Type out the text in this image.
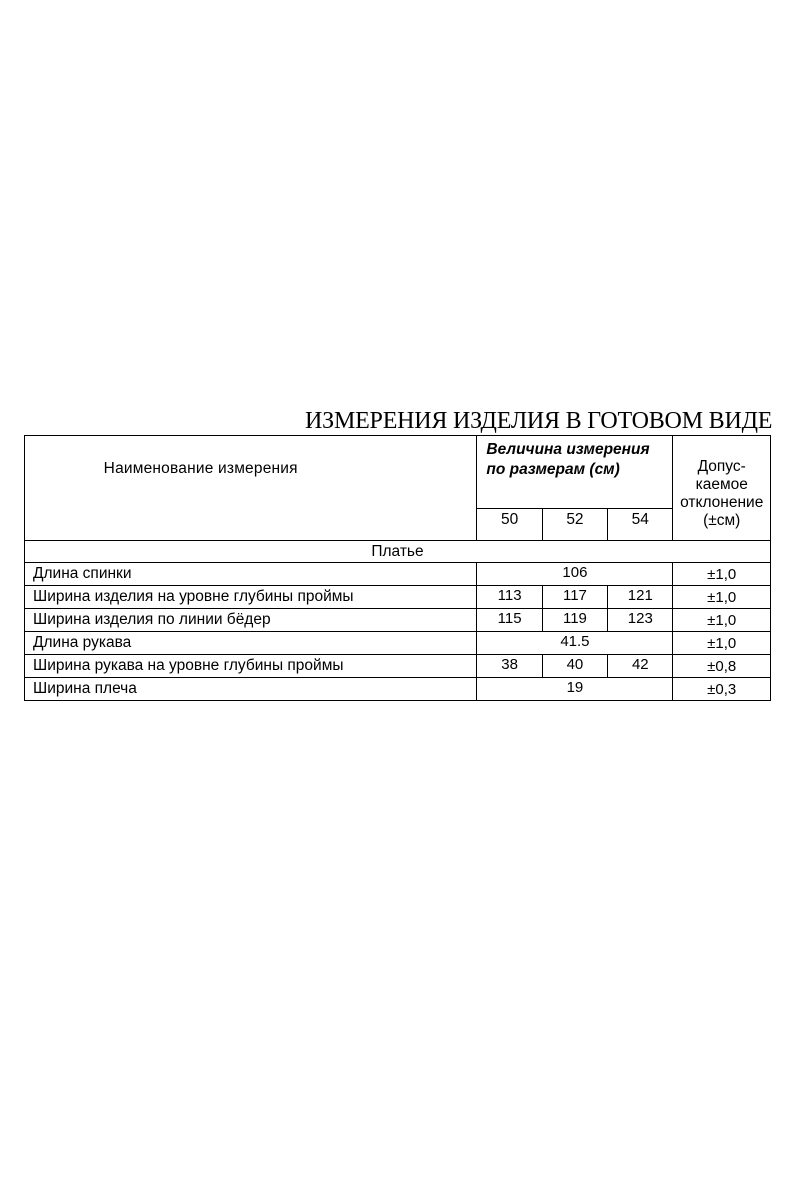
ИЗМЕРЕНИЯ ИЗДЕЛИЯ В ГОТОВОМ ВИДЕ
Наименование измерения	Величина измерения по размерам (см)			Допус-
каемое
отклонение
(±см)

	50	52	54	
Платье				
Длина спинки	106			±1,0
Ширина изделия на уровне глубины проймы	113	117	121	±1,0
Ширина изделия по линии бёдер	115	119	123	±1,0
Длина рукава	41.5			±1,0
Ширина рукава на уровне глубины проймы	38	40	42	±0,8
Ширина плеча	19			±0,3
